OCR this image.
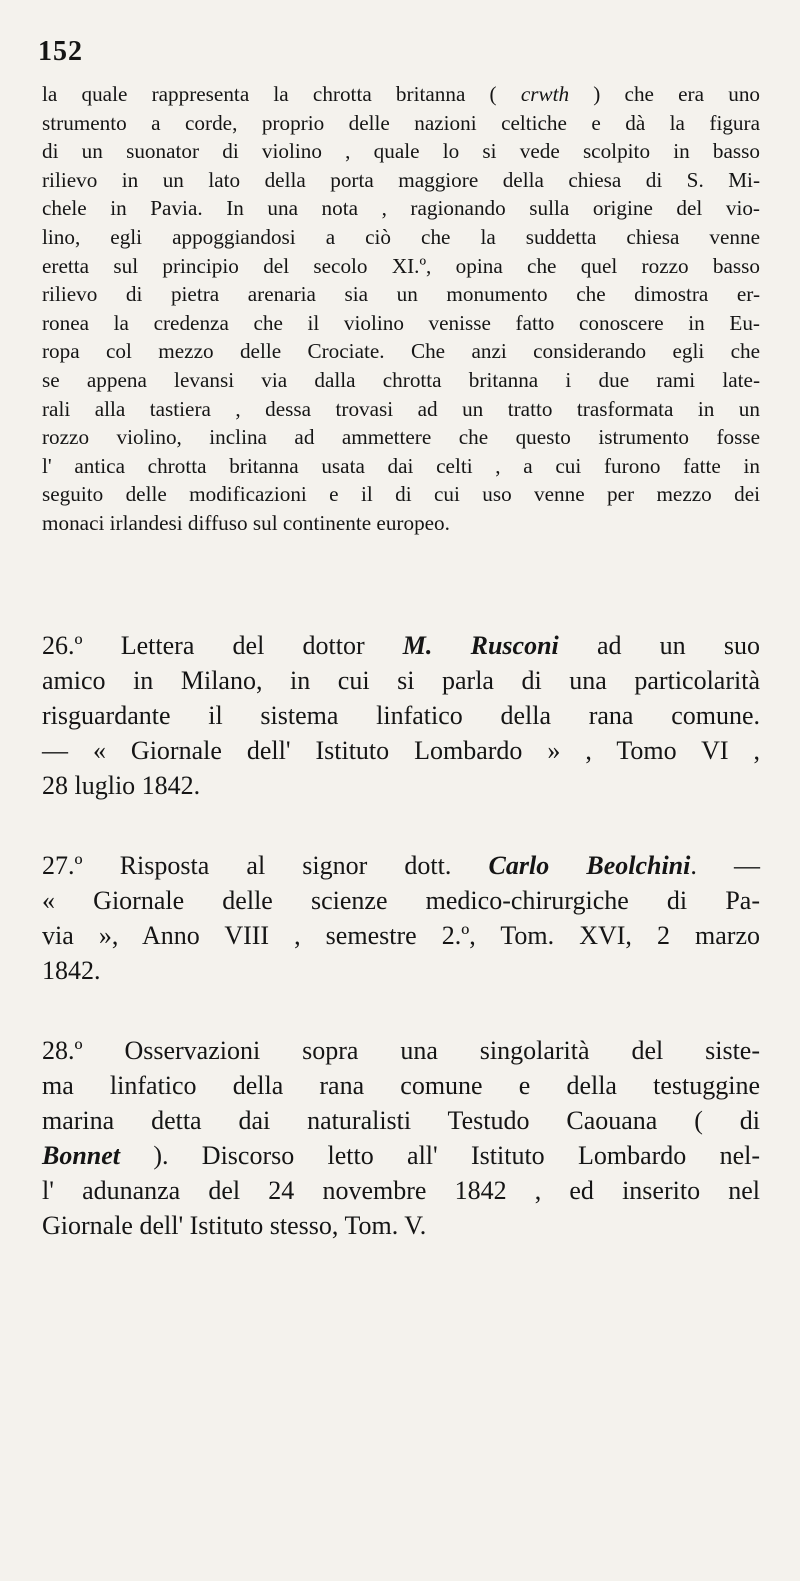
152
la quale rappresenta la chrotta britanna ( crwth ) che era uno
strumento a corde, proprio delle nazioni celtiche e dà la figura
di un suonator di violino , quale lo si vede scolpito in basso
rilievo in un lato della porta maggiore della chiesa di S. Mi-
chele in Pavia. In una nota , ragionando sulla origine del vio-
lino, egli appoggiandosi a ciò che la suddetta chiesa venne
eretta sul principio del secolo XI.º, opina che quel rozzo basso
rilievo di pietra arenaria sia un monumento che dimostra er-
ronea la credenza che il violino venisse fatto conoscere in Eu-
ropa col mezzo delle Crociate. Che anzi considerando egli che
se appena levansi via dalla chrotta britanna i due rami late-
rali alla tastiera , dessa trovasi ad un tratto trasformata in un
rozzo violino, inclina ad ammettere che questo istrumento fosse
l' antica chrotta britanna usata dai celti , a cui furono fatte in
seguito delle modificazioni e il di cui uso venne per mezzo dei
monaci irlandesi diffuso sul continente europeo.
26.º Lettera del dottor M. Rusconi ad un suo
amico in Milano, in cui si parla di una particolarità
risguardante il sistema linfatico della rana comune.
— « Giornale dell' Istituto Lombardo » , Tomo VI ,
28 luglio 1842.
27.º Risposta al signor dott. Carlo Beolchini. —
« Giornale delle scienze medico-chirurgiche di Pa-
via », Anno VIII , semestre 2.º, Tom. XVI, 2 marzo
1842.
28.º Osservazioni sopra una singolarità del siste-
ma linfatico della rana comune e della testuggine
marina detta dai naturalisti Testudo Caouana ( di
Bonnet ). Discorso letto all' Istituto Lombardo nel-
l' adunanza del 24 novembre 1842 , ed inserito nel
Giornale dell' Istituto stesso, Tom. V.
